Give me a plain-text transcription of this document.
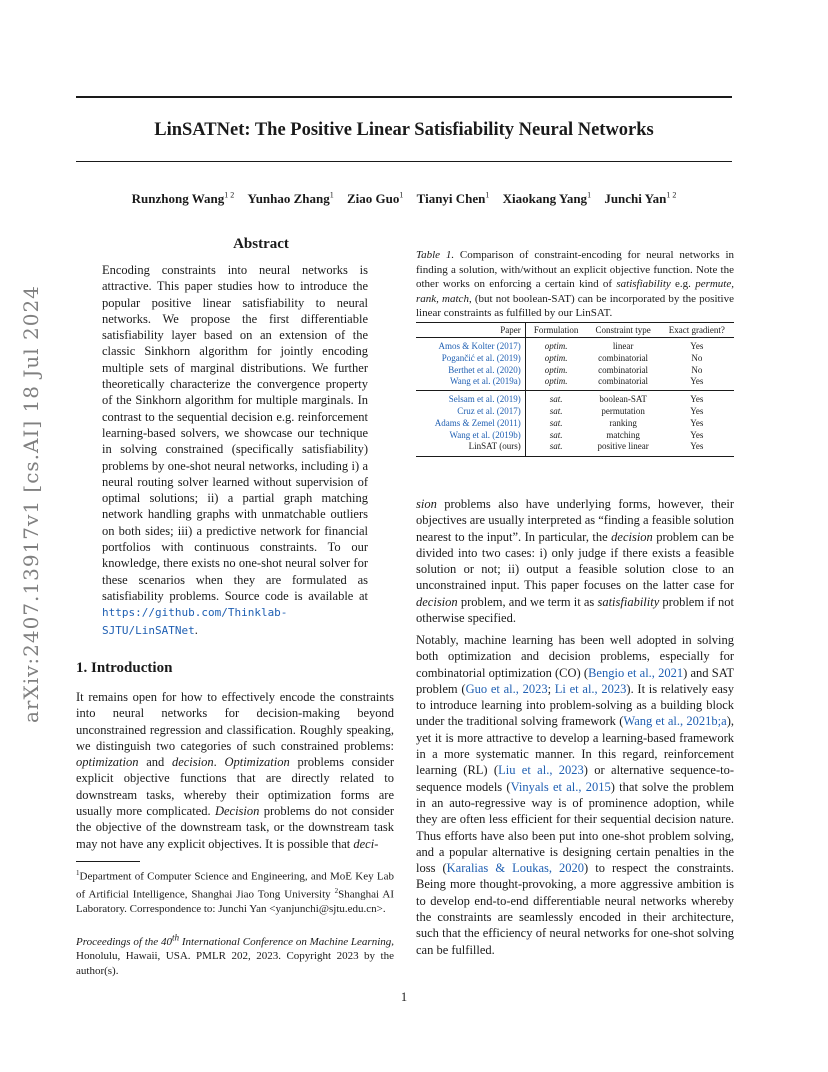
LinSATNet: The Positive Linear Satisfiability Neural Networks
Runzhong Wang$^{1 2}$ Yunhao Zhang$^1$ Ziao Guo$^1$ Tianyi Chen$^1$ Xiaokang Yang$^1$ Junchi Yan$^{1 2}$
arXiv:2407.13917v1 [cs.AI] 18 Jul 2024
Abstract
Encoding constraints into neural networks is attractive. This paper studies how to introduce the popular positive linear satisfiability to neural networks. We propose the first differentiable satisfiability layer based on an extension of the classic Sinkhorn algorithm for jointly encoding multiple sets of marginal distributions. We further theoretically characterize the convergence property of the Sinkhorn algorithm for multiple marginals. In contrast to the sequential decision e.g. reinforcement learning-based solvers, we showcase our technique in solving constrained (specifically satisfiability) problems by one-shot neural networks, including i) a neural routing solver learned without supervision of optimal solutions; ii) a partial graph matching network handling graphs with unmatchable outliers on both sides; iii) a predictive network for financial portfolios with continuous constraints. To our knowledge, there exists no one-shot neural solver for these scenarios when they are formulated as satisfiability problems. Source code is available at https://github.com/Thinklab-SJTU/LinSATNet.
1. Introduction
It remains open for how to effectively encode the constraints into neural networks for decision-making beyond unconstrained regression and classification. Roughly speaking, we distinguish two categories of such constrained problems: optimization and decision. Optimization problems consider explicit objective functions that are directly related to downstream tasks, whereby their optimization forms are usually more complicated. Decision problems do not consider the objective of the downstream task, or the downstream task may not have any explicit objectives. It is possible that deci-
$^1$Department of Computer Science and Engineering, and MoE Key Lab of Artificial Intelligence, Shanghai Jiao Tong University $^2$Shanghai AI Laboratory. Correspondence to: Junchi Yan <yanjunchi@sjtu.edu.cn>.
Proceedings of the 40th International Conference on Machine Learning, Honolulu, Hawaii, USA. PMLR 202, 2023. Copyright 2023 by the author(s).
1
Table 1. Comparison of constraint-encoding for neural networks in finding a solution, with/without an explicit objective function. Note the other works on enforcing a certain kind of satisfiability e.g. permute, rank, match, (but not boolean-SAT) can be incorporated by the positive linear constraints as fulfilled by our LinSAT.
Paper	Formulation	Constraint type	Exact gradient?
Amos & Kolter (2017)	optim.	linear	Yes
Pogančić et al. (2019)	optim.	combinatorial	No
Berthet et al. (2020)	optim.	combinatorial	No
Wang et al. (2019a)	optim.	combinatorial	Yes

Selsam et al. (2019)	sat.	boolean-SAT	Yes
Cruz et al. (2017)	sat.	permutation	Yes
Adams & Zemel (2011)	sat.	ranking	Yes
Wang et al. (2019b)	sat.	matching	Yes
LinSAT (ours)	sat.	positive linear	Yes
sion problems also have underlying forms, however, their objectives are usually interpreted as “finding a feasible solution nearest to the input”. In particular, the decision problem can be divided into two cases: i) only judge if there exists a feasible solution or not; ii) output a feasible solution close to an unconstrained input. This paper focuses on the latter case for decision problem, and we term it as satisfiability problem if not otherwise specified.
Notably, machine learning has been well adopted in solving both optimization and decision problems, especially for combinatorial optimization (CO) (Bengio et al., 2021) and SAT problem (Guo et al., 2023; Li et al., 2023). It is relatively easy to introduce learning into problem-solving as a building block under the traditional solving framework (Wang et al., 2021b;a), yet it is more attractive to develop a learning-based framework in a more systematic manner. In this regard, reinforcement learning (RL) (Liu et al., 2023) or alternative sequence-to-sequence models (Vinyals et al., 2015) that solve the problem in an auto-regressive way is of prominence adoption, while they are often less efficient for their sequential decision nature. Thus efforts have also been put into one-shot problem solving, and a popular alternative is designing certain penalties in the loss (Karalias & Loukas, 2020) to respect the constraints. Being more thought-provoking, a more aggressive ambition is to develop end-to-end differentiable neural networks whereby the constraints are seamlessly encoded in their architecture, such that the efficiency of neural networks for one-shot solving can be fulfilled.
